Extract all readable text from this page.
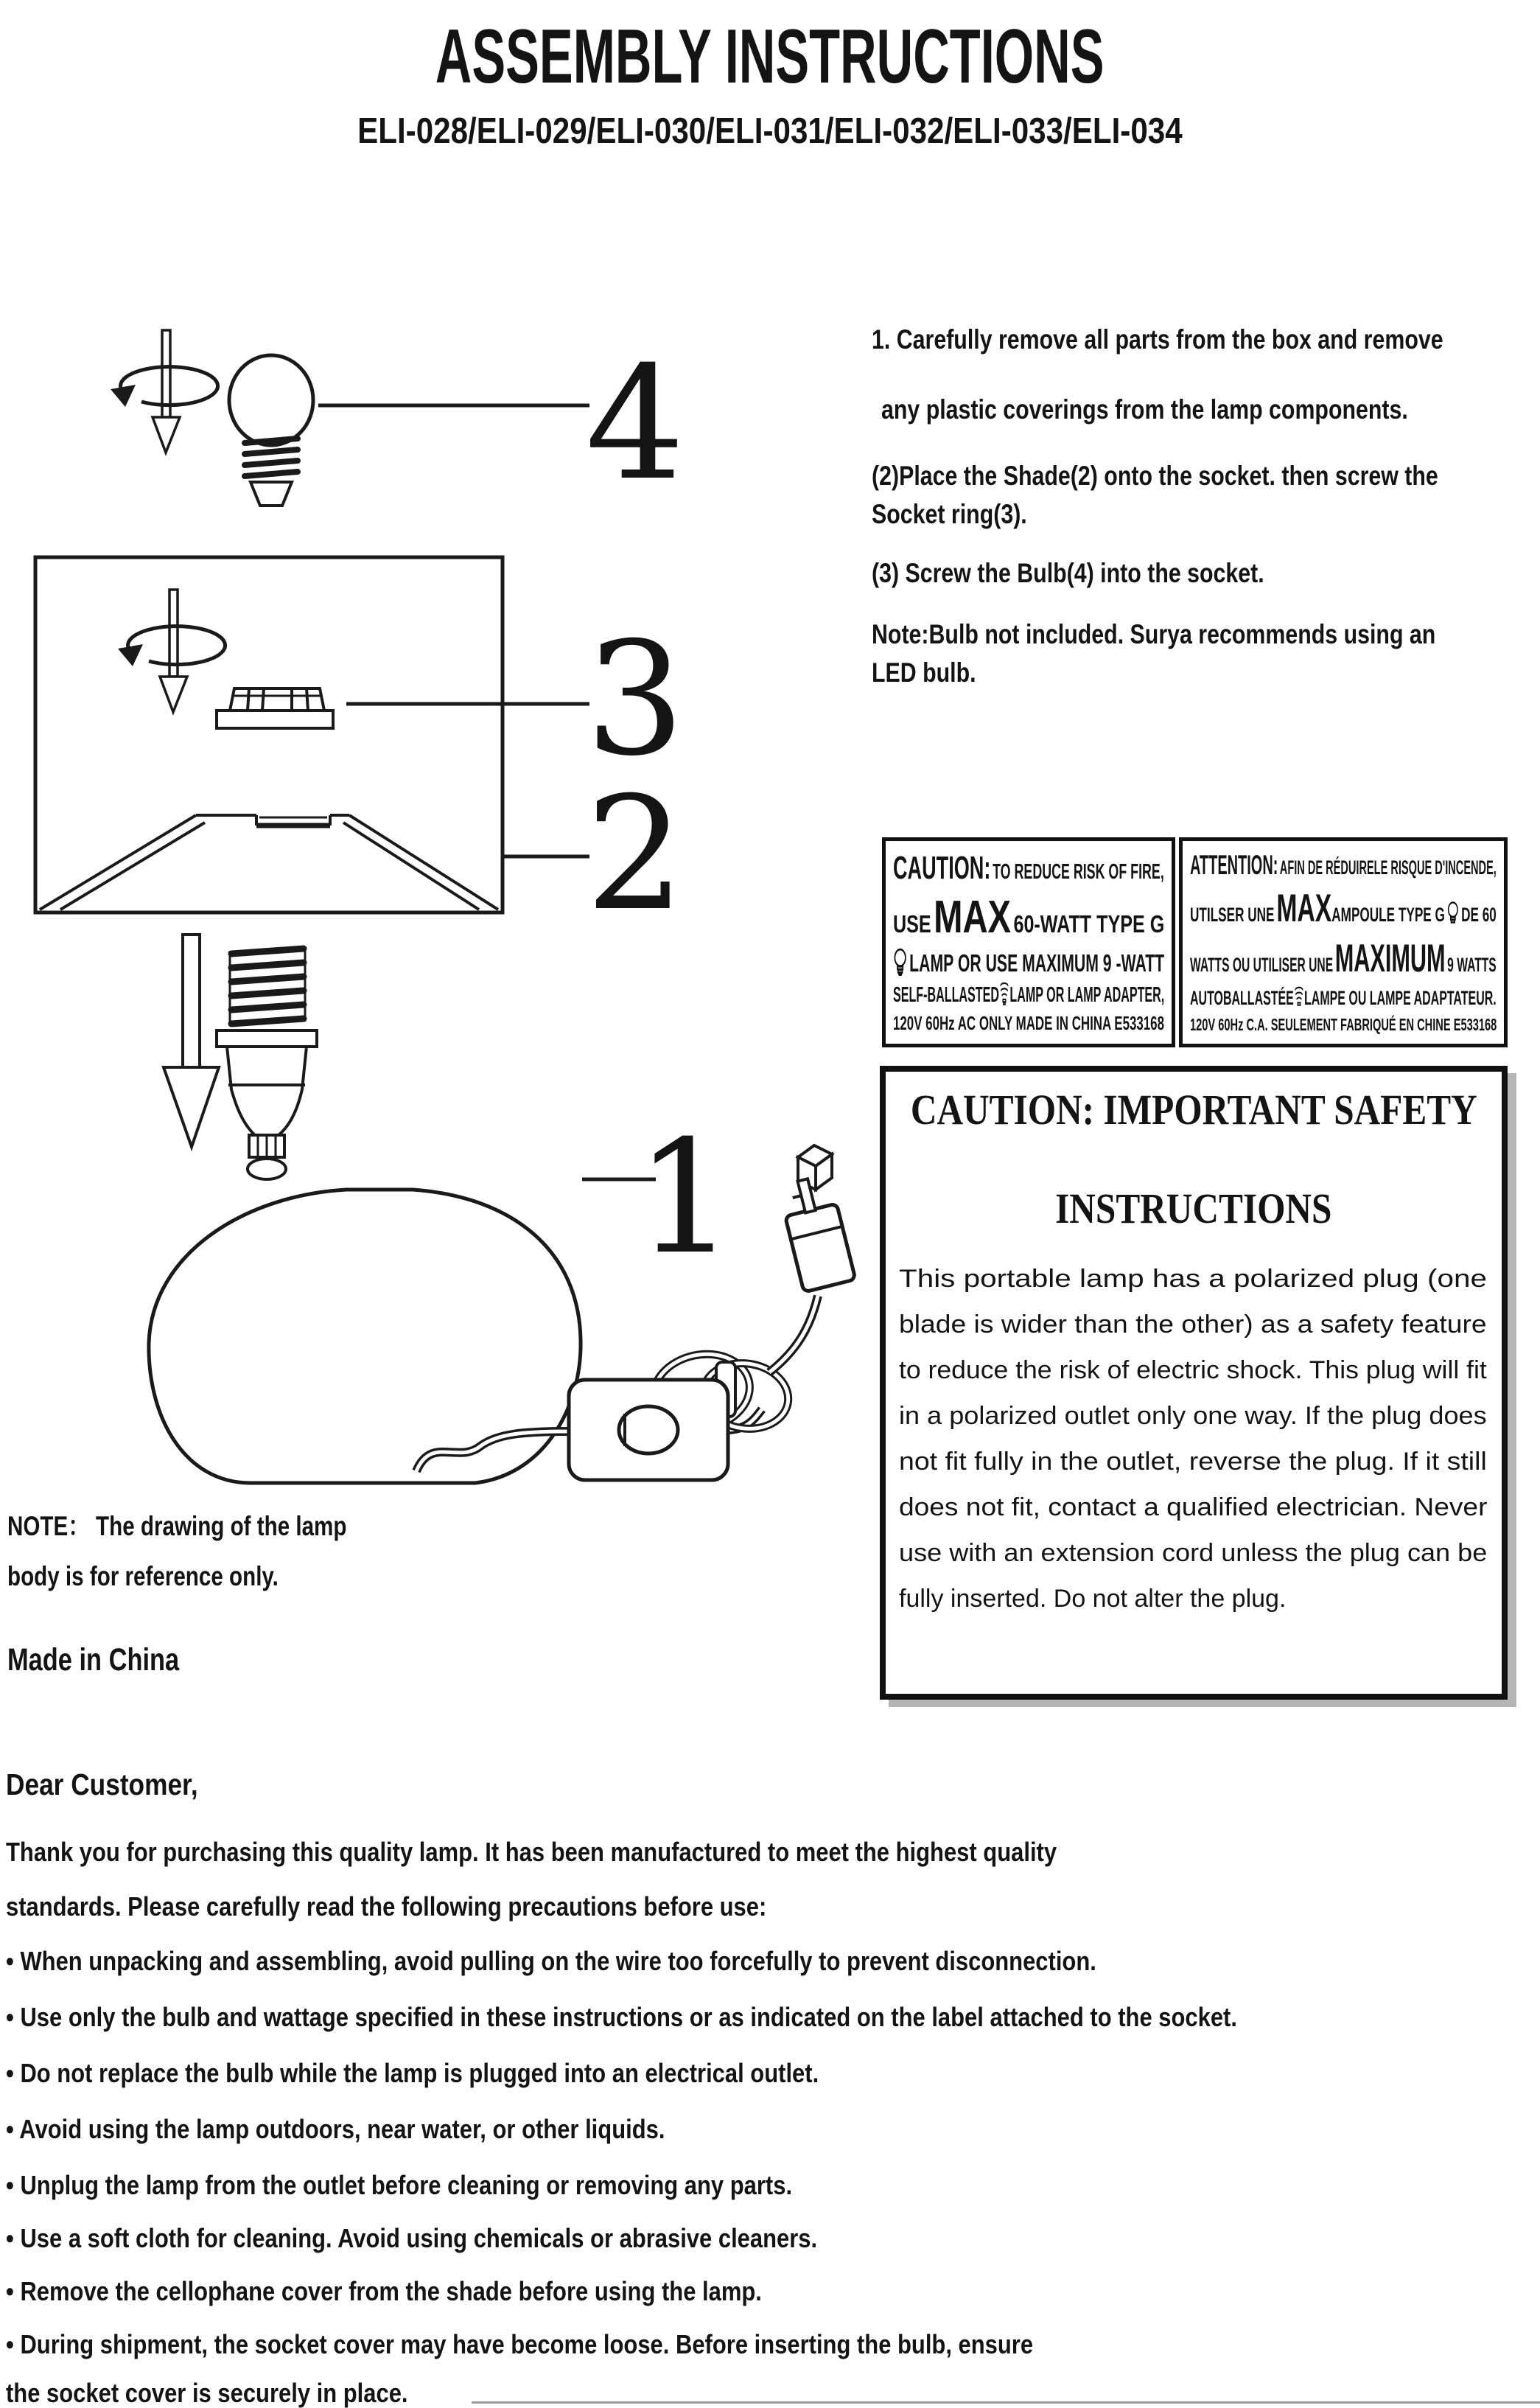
ASSEMBLY INSTRUCTIONS
ELI-028/ELI-029/ELI-030/ELI-031/ELI-032/ELI-033/ELI-034
4
3
2
1
1. Carefully remove all parts from the box and remove
any plastic coverings from the lamp components.
(2)Place the Shade(2) onto the socket. then screw the
Socket ring(3).
(3) Screw the Bulb(4) into the socket.
Note:Bulb not included. Surya recommends using an
LED bulb.
CAUTION: TO REDUCE RISK OF FIRE,
USE MAX 60-WATT TYPE G
LAMP OR USE MAXIMUM 9 -WATT
SELF-BALLASTED LAMP OR LAMP ADAPTER,
120V 60Hz AC ONLY MADE IN CHINA E533168
ATTENTION: AFIN DE RÉDUIRELE RISQUE D'INCENDE,
UTILSER UNE MAXAMPOULE TYPE G DE 60
WATTS OU UTILISER UNE MAXIMUM 9 WATTS
AUTOBALLASTÉE LAMPE OU LAMPE ADAPTATEUR.
120V 60Hz C.A. SEULEMENT FABRIQUÉ EN CHINE E533168
CAUTION: IMPORTANT SAFETY
INSTRUCTIONS
This portable lamp has a polarized plug (one
blade is wider than the other) as a safety feature
to reduce the risk of electric shock. This plug will fit
in a polarized outlet only one way. If the plug does
not fit fully in the outlet, reverse the plug. If it still
does not fit, contact a qualified electrician. Never
use with an extension cord unless the plug can be
fully inserted. Do not alter the plug.
NOTE： The drawing of the lamp
body is for reference only.
Made in China
Dear Customer,
Thank you for purchasing this quality lamp. It has been manufactured to meet the highest quality
standards. Please carefully read the following precautions before use:
• When unpacking and assembling, avoid pulling on the wire too forcefully to prevent disconnection.
• Use only the bulb and wattage specified in these instructions or as indicated on the label attached to the socket.
• Do not replace the bulb while the lamp is plugged into an electrical outlet.
• Avoid using the lamp outdoors, near water, or other liquids.
• Unplug the lamp from the outlet before cleaning or removing any parts.
• Use a soft cloth for cleaning. Avoid using chemicals or abrasive cleaners.
• Remove the cellophane cover from the shade before using the lamp.
• During shipment, the socket cover may have become loose. Before inserting the bulb, ensure
the socket cover is securely in place.
